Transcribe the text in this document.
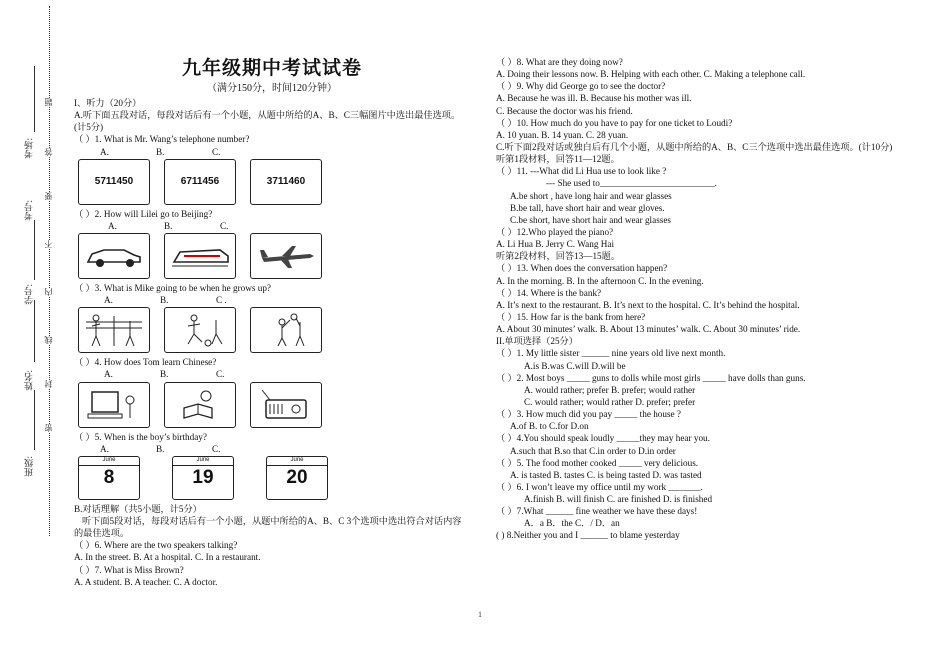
考场:
考号:
学号:
姓名:
班级:
题
答
要
不
内
线
封
密
九年级期中考试试卷
（满分150分，时间120分钟）

I、听力（20分）

A.听下面五段对话，每段对话后有一个小题，从题中所给的A、B、C三幅图片中选出最佳选项。(计5分)

（ ）1. What is Mr. Wang’s telephone number?

A.	B.	C.
5711450	6711456	3711460

（ ）2. How will Lilei go to Beijing?

A.	B.	C.

（ ）3. What is Mike going to be when he grows up?

A.	B.	C .

（ ）4. How does Tom learn Chinese?

A.	B.	C.

（ ）5. When is the boy’s birthday?

A.	B.	C.
June
8
June
19
June
20

B.对话理解（共5小题，计5分）

听下面5段对话，每段对话后有一个小题，从题中所给的A、B、C 3个选项中选出符合对话内容的最佳选项。

（ ）6. Where are the two speakers talking?

A. In the street. B. At a hospital. C. In a restaurant.

（ ）7. What is Miss Brown?

A. A student. B. A teacher. C. A doctor.

（ ）8. What are they doing now?

A. Doing their lessons now. B. Helping with each other. C. Making a telephone call.

（ ）9. Why did George go to see the doctor?

A. Because he was ill. B. Because his mother was ill.

C. Because the doctor was his friend.

（ ）10. How much do you have to pay for one ticket to Loudi?

A. 10 yuan. B. 14 yuan. C. 28 yuan.

C.听下面2段对话或独白后有几个小题，从题中所给的A、B、C三个选项中选出最佳选项。(计10分)

听第1段材料，回答11—12题。

（ ）11. ---What did Li Hua use to look like ?

--- She used to_________________________.

A.be short , have long hair and wear glasses

B.be tall, have short hair and wear gloves.

C.be short, have short hair and wear glasses

（ ）12.Who played the piano?

A. Li Hua B. Jerry C. Wang Hai

听第2段材料，回答13—15题。

（ ）13. When does the conversation happen?

A. In the morning. B. In the afternoon C. In the evening.

（ ）14. Where is the bank?

A. It’s next to the restaurant. B. It’s next to the hospital. C. It’s behind the hospital.

（ ）15. How far is the bank from here?

A. About 30 minutes’ walk. B. About 13 minutes’ walk. C. About 30 minutes’ ride.

II.单项选择（25分）

（ ）1. My little sister ______ nine years old live next month.

A.is B.was C.will D.will be

（ ）2. Most boys _____ guns to dolls while most girls _____ have dolls than guns.

A. would rather; prefer B. prefer; would rather

C. would rather; would rather D. prefer; prefer

（ ）3. How much did you pay _____ the house ?

A.of B. to C.for D.on

（ ）4.You should speak loudly _____they may hear you.

A.such that B.so that C.in order to D.in order

（ ）5. The food mother cooked _____ very delicious.

A. is tasted B. tastes C. is being tasted D. was tasted

（ ）6. I won’t leave my office until my work _______.

A.finish B. will finish C. are finished D. is finished

（ ）7.What ______ fine weather we have these days!

A．a B．the C．/ D．an

( ) 8.Neither you and I ______ to blame yesterday

1
